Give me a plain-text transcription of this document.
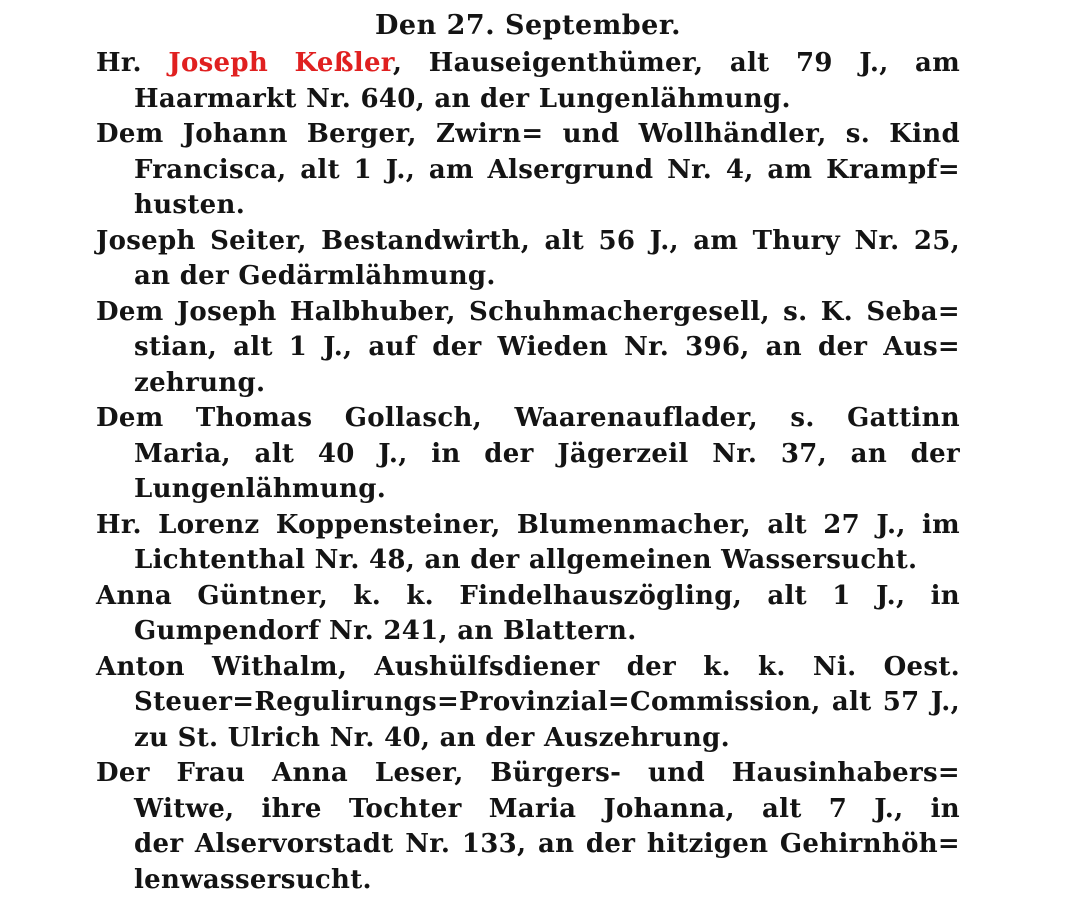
Den 27. September.
Hr. Joseph Keßler, Hauseigenthümer, alt 79 J., am
Haarmarkt Nr. 640, an der Lungenlähmung.
Dem Johann Berger, Zwirn= und Wollhändler, s. Kind
Francisca, alt 1 J., am Alsergrund Nr. 4, am Krampf=
husten.
Joseph Seiter, Bestandwirth, alt 56 J., am Thury Nr. 25,
an der Gedärmlähmung.
Dem Joseph Halbhuber, Schuhmachergesell, s. K. Seba=
stian, alt 1 J., auf der Wieden Nr. 396, an der Aus=
zehrung.
Dem Thomas Gollasch, Waarenauflader, s. Gattinn
Maria, alt 40 J., in der Jägerzeil Nr. 37, an der
Lungenlähmung.
Hr. Lorenz Koppensteiner, Blumenmacher, alt 27 J., im
Lichtenthal Nr. 48, an der allgemeinen Wassersucht.
Anna Güntner, k. k. Findelhauszögling, alt 1 J., in
Gumpendorf Nr. 241, an Blattern.
Anton Withalm, Aushülfsdiener der k. k. Ni. Oest.
Steuer=Regulirungs=Provinzial=Commission, alt 57 J.,
zu St. Ulrich Nr. 40, an der Auszehrung.
Der Frau Anna Leser, Bürgers- und Hausinhabers=
Witwe, ihre Tochter Maria Johanna, alt 7 J., in
der Alservorstadt Nr. 133, an der hitzigen Gehirnhöh=
lenwassersucht.
